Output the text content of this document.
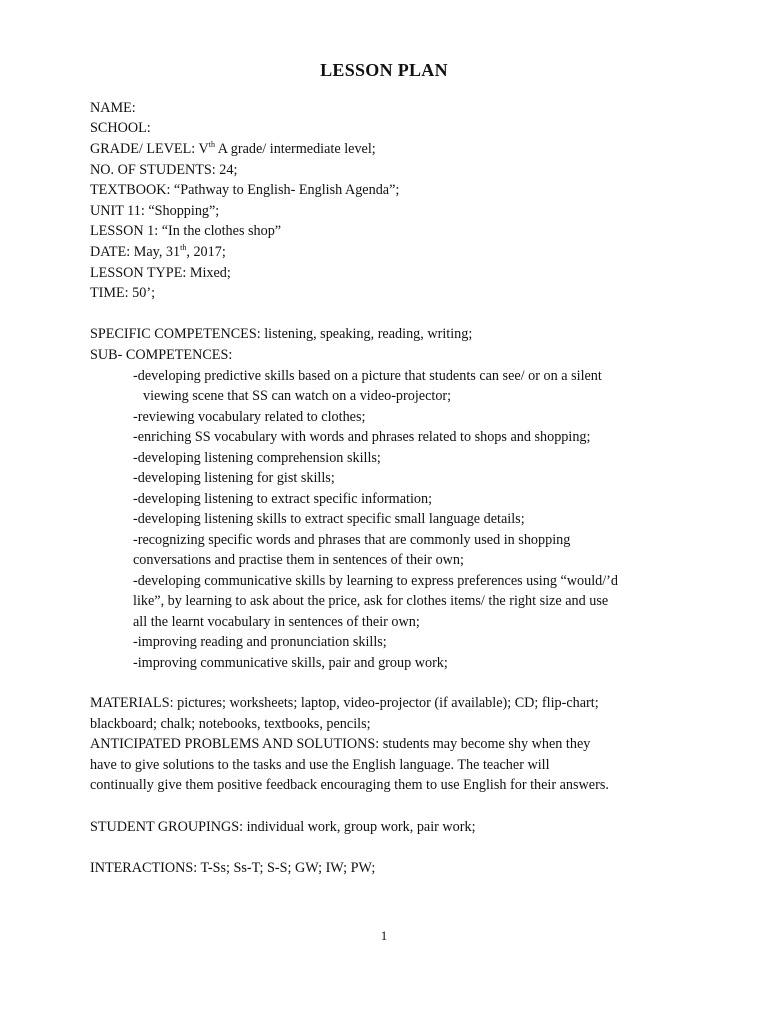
LESSON PLAN
NAME:
SCHOOL:
GRADE/ LEVEL: Vth A grade/ intermediate level;
NO. OF STUDENTS: 24;
TEXTBOOK: “Pathway to English- English Agenda”;
UNIT 11: “Shopping”;
LESSON 1: “In the clothes shop”
DATE: May, 31th, 2017;
LESSON TYPE: Mixed;
TIME: 50’;
SPECIFIC COMPETENCES: listening, speaking, reading, writing;
SUB- COMPETENCES:
-developing predictive skills based on a picture that students can see/ or on a silent
viewing scene that SS can watch on a video-projector;
-reviewing vocabulary related to clothes;
-enriching SS vocabulary with words and phrases related to shops and shopping;
-developing listening comprehension skills;
-developing listening for gist skills;
-developing listening to extract specific information;
-developing listening skills to extract specific small language details;
-recognizing specific words and phrases that are commonly used in shopping
conversations and practise them in sentences of their own;
-developing communicative skills by learning to express preferences using “would/’d
like”, by learning to ask about the price, ask for clothes items/ the right size and use
all the learnt vocabulary in sentences of their own;
-improving reading and pronunciation skills;
-improving communicative skills, pair and group work;
MATERIALS: pictures; worksheets; laptop, video-projector (if available); CD; flip-chart;
blackboard; chalk; notebooks, textbooks, pencils;
ANTICIPATED PROBLEMS AND SOLUTIONS: students may become shy when they
have to give solutions to the tasks and use the English language. The teacher will
continually give them positive feedback encouraging them to use English for their answers.
STUDENT GROUPINGS: individual work, group work, pair work;
INTERACTIONS: T-Ss; Ss-T; S-S; GW; IW; PW;
1
